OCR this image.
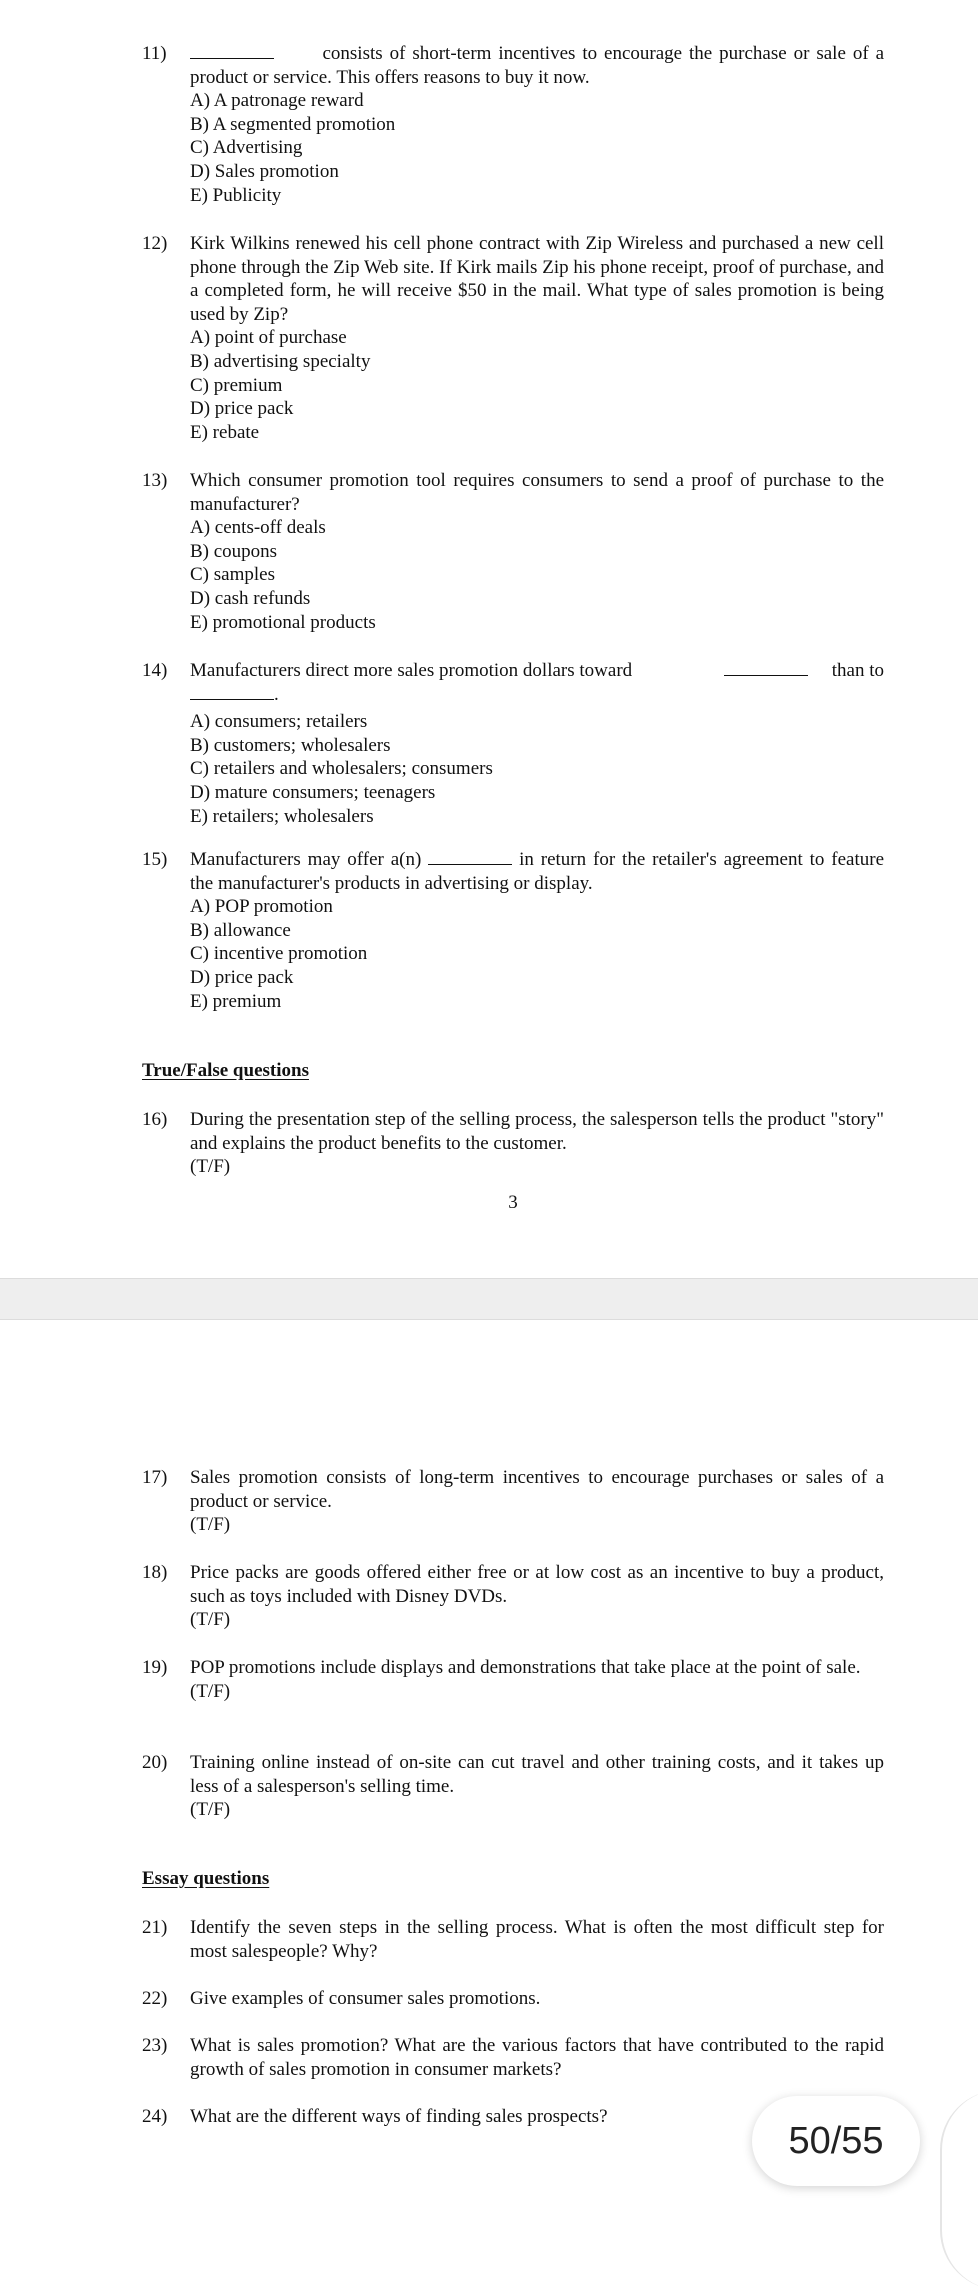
11)	consists of short-term incentives to encourage the purchase or sale of a product or service. This offers reasons to buy it now.
A) A patronage reward
B) A segmented promotion
C) Advertising
D) Sales promotion
E) Publicity
12) Kirk Wilkins renewed his cell phone contract with Zip Wireless and purchased a new cell phone through the Zip Web site. If Kirk mails Zip his phone receipt, proof of purchase, and a completed form, he will receive $50 in the mail. What type of sales promotion is being used by Zip?
A) point of purchase
B) advertising specialty
C) premium
D) price pack
E) rebate
13) Which consumer promotion tool requires consumers to send a proof of purchase to the manufacturer?
A) cents-off deals
B) coupons
C) samples
D) cash refunds
E) promotional products
14) Manufacturers direct more sales promotion dollars toward	than to
.
A) consumers; retailers
B) customers; wholesalers
C) retailers and wholesalers; consumers
D) mature consumers; teenagers
E) retailers; wholesalers
15) Manufacturers may offer a(n)	in return for the retailer's agreement to feature the manufacturer's products in advertising or display.
A) POP promotion
B) allowance
C) incentive promotion
D) price pack
E) premium
True/False questions
16) During the presentation step of the selling process, the salesperson tells the product "story" and explains the product benefits to the customer.
(T/F)
3
17) Sales promotion consists of long-term incentives to encourage purchases or sales of a product or service.
(T/F)
18) Price packs are goods offered either free or at low cost as an incentive to buy a product, such as toys included with Disney DVDs.
(T/F)
19) POP promotions include displays and demonstrations that take place at the point of sale.
(T/F)
20) Training online instead of on-site can cut travel and other training costs, and it takes up less of a salesperson's selling time.
(T/F)
Essay questions
21) Identify the seven steps in the selling process. What is often the most difficult step for most salespeople? Why?
22) Give examples of consumer sales promotions.
23) What is sales promotion? What are the various factors that have contributed to the rapid growth of sales promotion in consumer markets?
24) What are the different ways of finding sales prospects?
50/55
